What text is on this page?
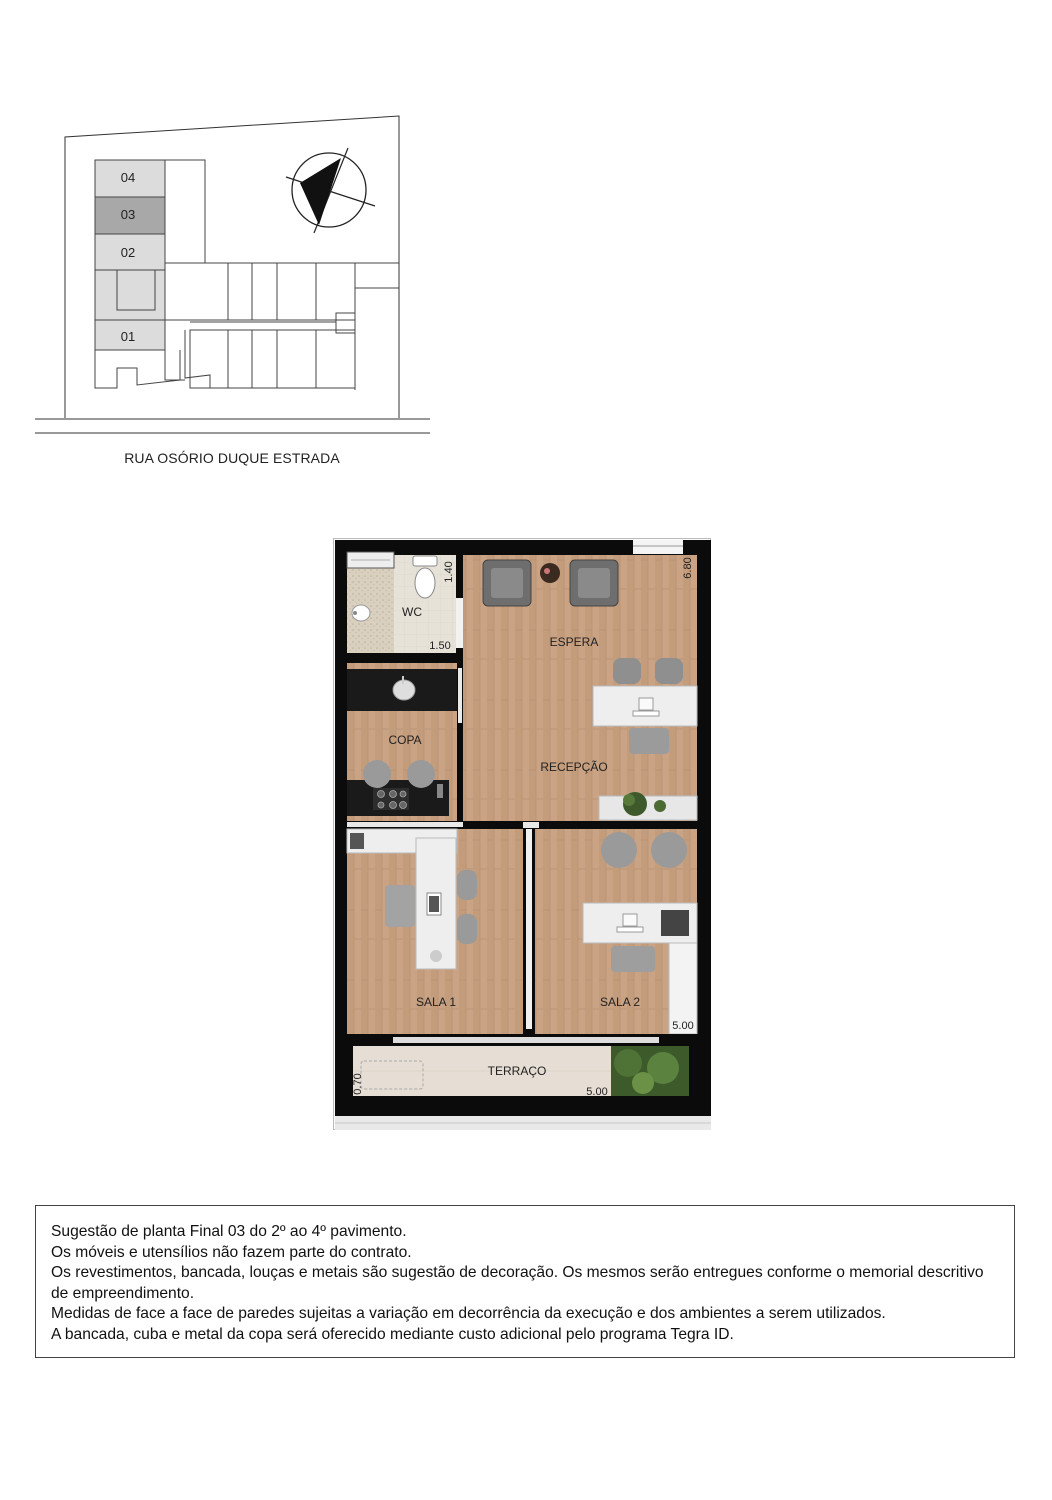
04
03
02
01
RUA OSÓRIO DUQUE ESTRADA
WC
ESPERA
COPA
RECEPÇÃO
SALA 1	SALA 2
TERRAÇO
1.40
1.50
6.80
5.00
5.00
0.70

Sugestão de planta Final 03 do 2º ao 4º pavimento.

Os móveis e utensílios não fazem parte do contrato.

Os revestimentos, bancada, louças e metais são sugestão de decoração. Os mesmos serão entregues conforme o memorial descritivo de empreendimento.

Medidas de face a face de paredes sujeitas a variação em decorrência da execução e dos ambientes a serem utilizados.

A bancada, cuba e metal da copa será oferecido mediante custo adicional pelo programa Tegra ID.
